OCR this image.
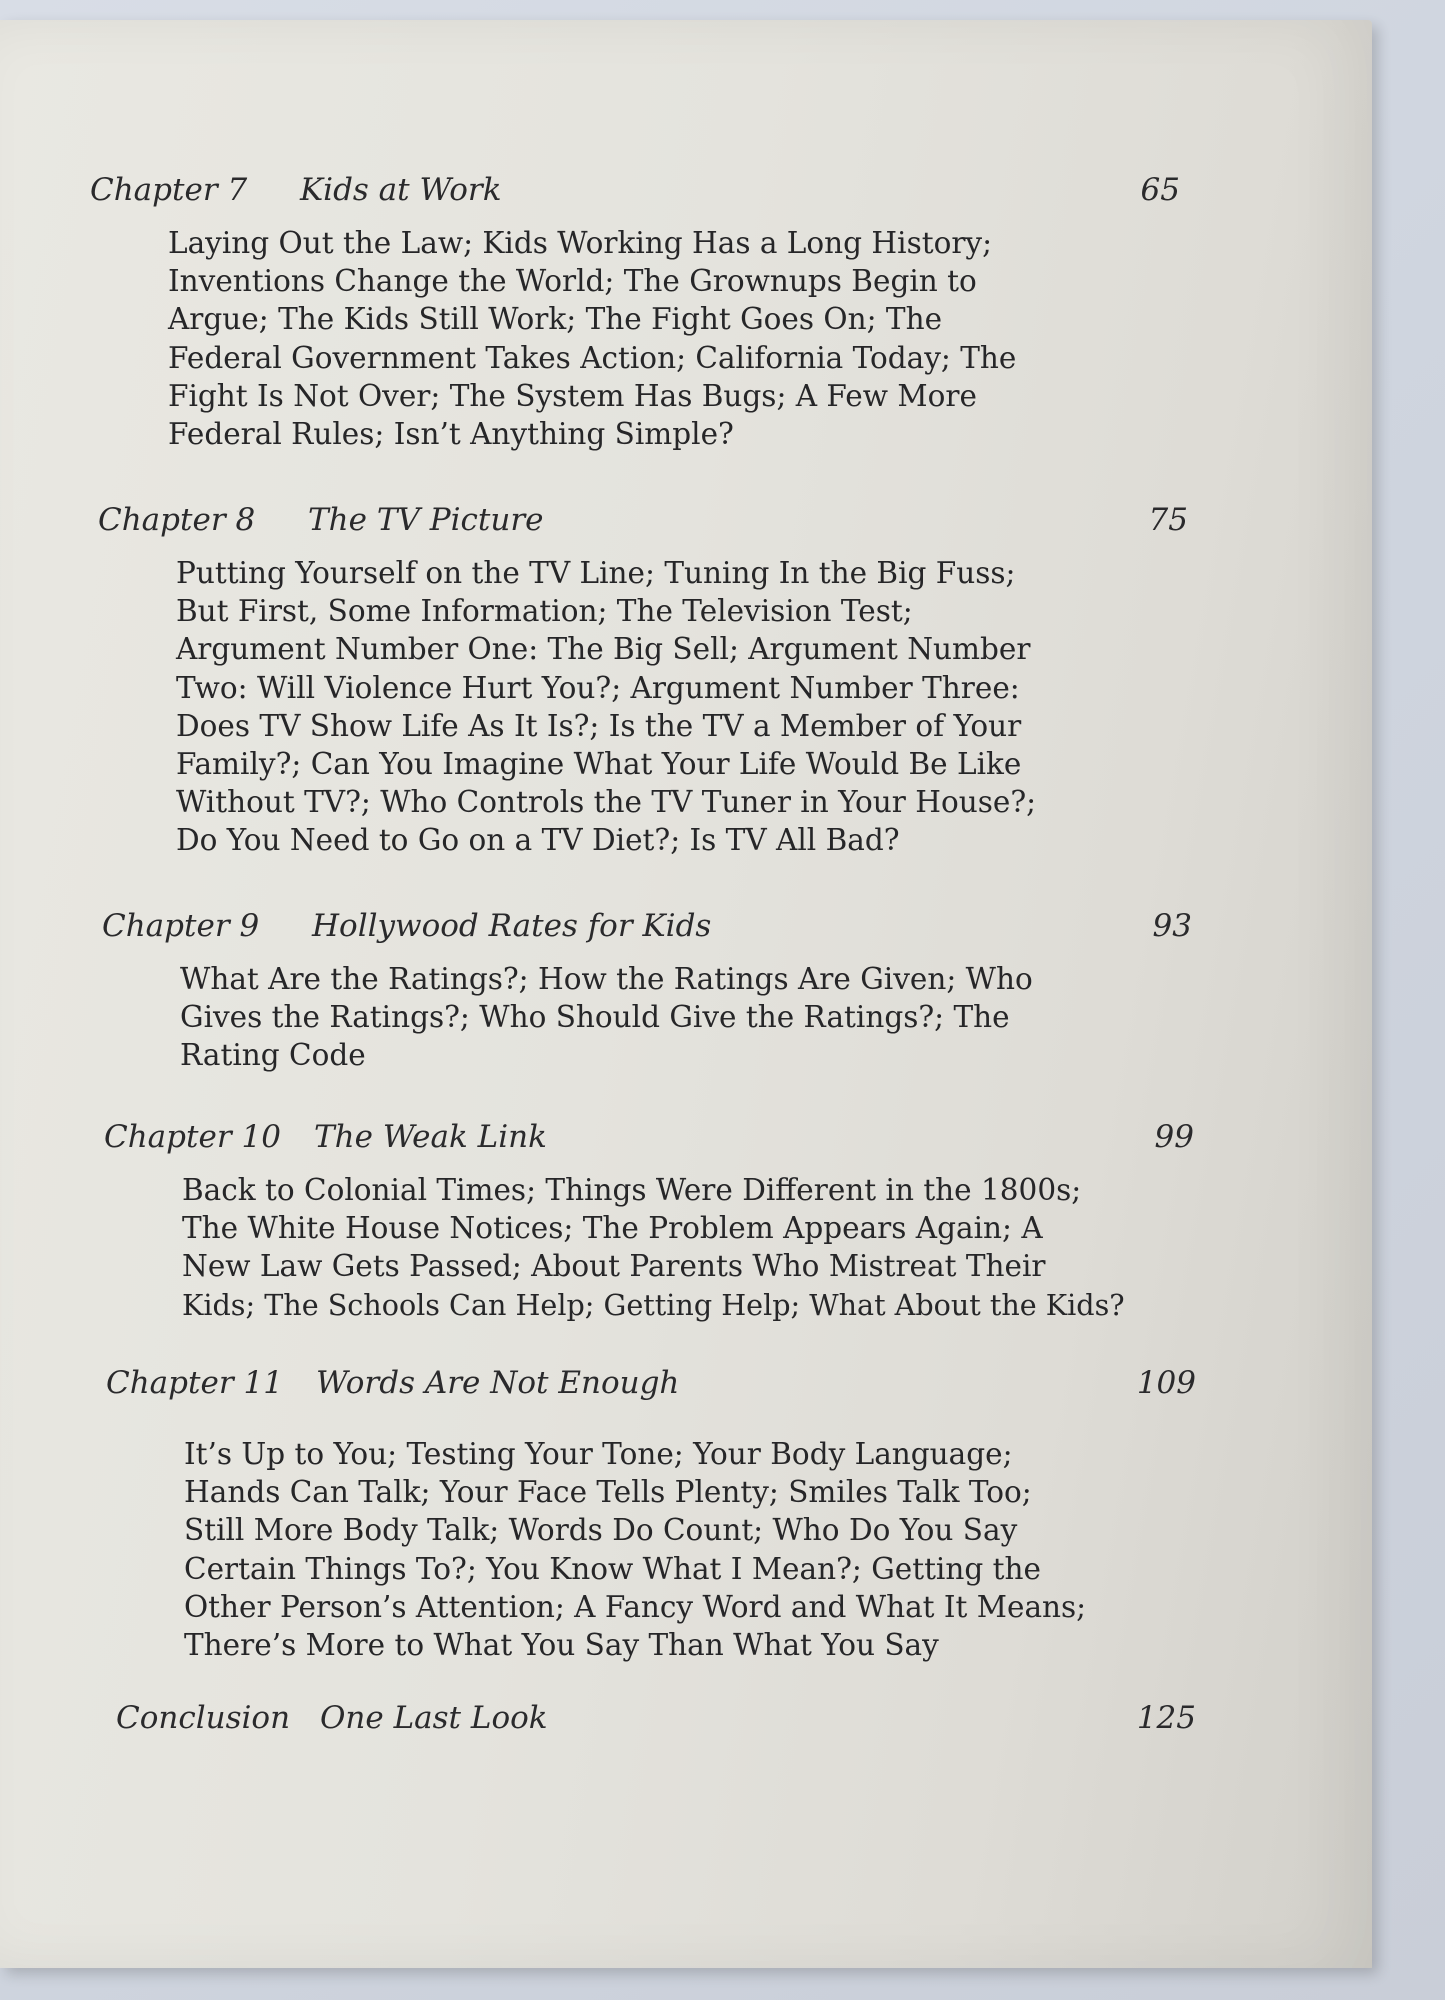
Chapter 7	Kids at Work	65
Laying Out the Law; Kids Working Has a Long History;
Inventions Change the World; The Grownups Begin to
Argue; The Kids Still Work; The Fight Goes On; The
Federal Government Takes Action; California Today; The
Fight Is Not Over; The System Has Bugs; A Few More
Federal Rules; Isn’t Anything Simple?
Chapter 8	The TV Picture	75
Putting Yourself on the TV Line; Tuning In the Big Fuss;
But First, Some Information; The Television Test;
Argument Number One: The Big Sell; Argument Number
Two: Will Violence Hurt You?; Argument Number Three:
Does TV Show Life As It Is?; Is the TV a Member of Your
Family?; Can You Imagine What Your Life Would Be Like
Without TV?; Who Controls the TV Tuner in Your House?;
Do You Need to Go on a TV Diet?; Is TV All Bad?
Chapter 9	Hollywood Rates for Kids	93
What Are the Ratings?; How the Ratings Are Given; Who
Gives the Ratings?; Who Should Give the Ratings?; The
Rating Code
Chapter 10	The Weak Link	99
Back to Colonial Times; Things Were Different in the 1800s;
The White House Notices; The Problem Appears Again; A
New Law Gets Passed; About Parents Who Mistreat Their
Kids; The Schools Can Help; Getting Help; What About the Kids?
Chapter 11	Words Are Not Enough	109
It’s Up to You; Testing Your Tone; Your Body Language;
Hands Can Talk; Your Face Tells Plenty; Smiles Talk Too;
Still More Body Talk; Words Do Count; Who Do You Say
Certain Things To?; You Know What I Mean?; Getting the
Other Person’s Attention; A Fancy Word and What It Means;
There’s More to What You Say Than What You Say
Conclusion One Last Look	125
